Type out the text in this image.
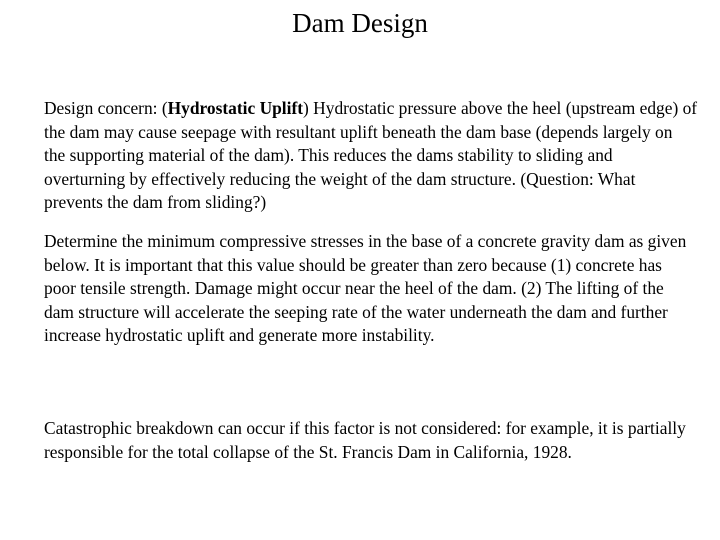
Dam Design
Design concern: (Hydrostatic Uplift) Hydrostatic pressure above the heel (upstream edge) of the dam may cause seepage with resultant uplift beneath the dam base (depends largely on the supporting material of the dam). This reduces the dams stability to sliding and overturning by effectively reducing the weight of the dam structure. (Question: What prevents the dam from sliding?)
Determine the minimum compressive stresses in the base of a concrete gravity dam as given below. It is important that this value should be greater than zero because (1) concrete has poor tensile strength. Damage might occur near the heel of the dam. (2) The lifting of the dam structure will accelerate the seeping rate of the water underneath the dam and further increase hydrostatic uplift and generate more instability.
Catastrophic breakdown can occur if this factor is not considered: for example, it is partially responsible for the total collapse of the St. Francis Dam in California, 1928.
